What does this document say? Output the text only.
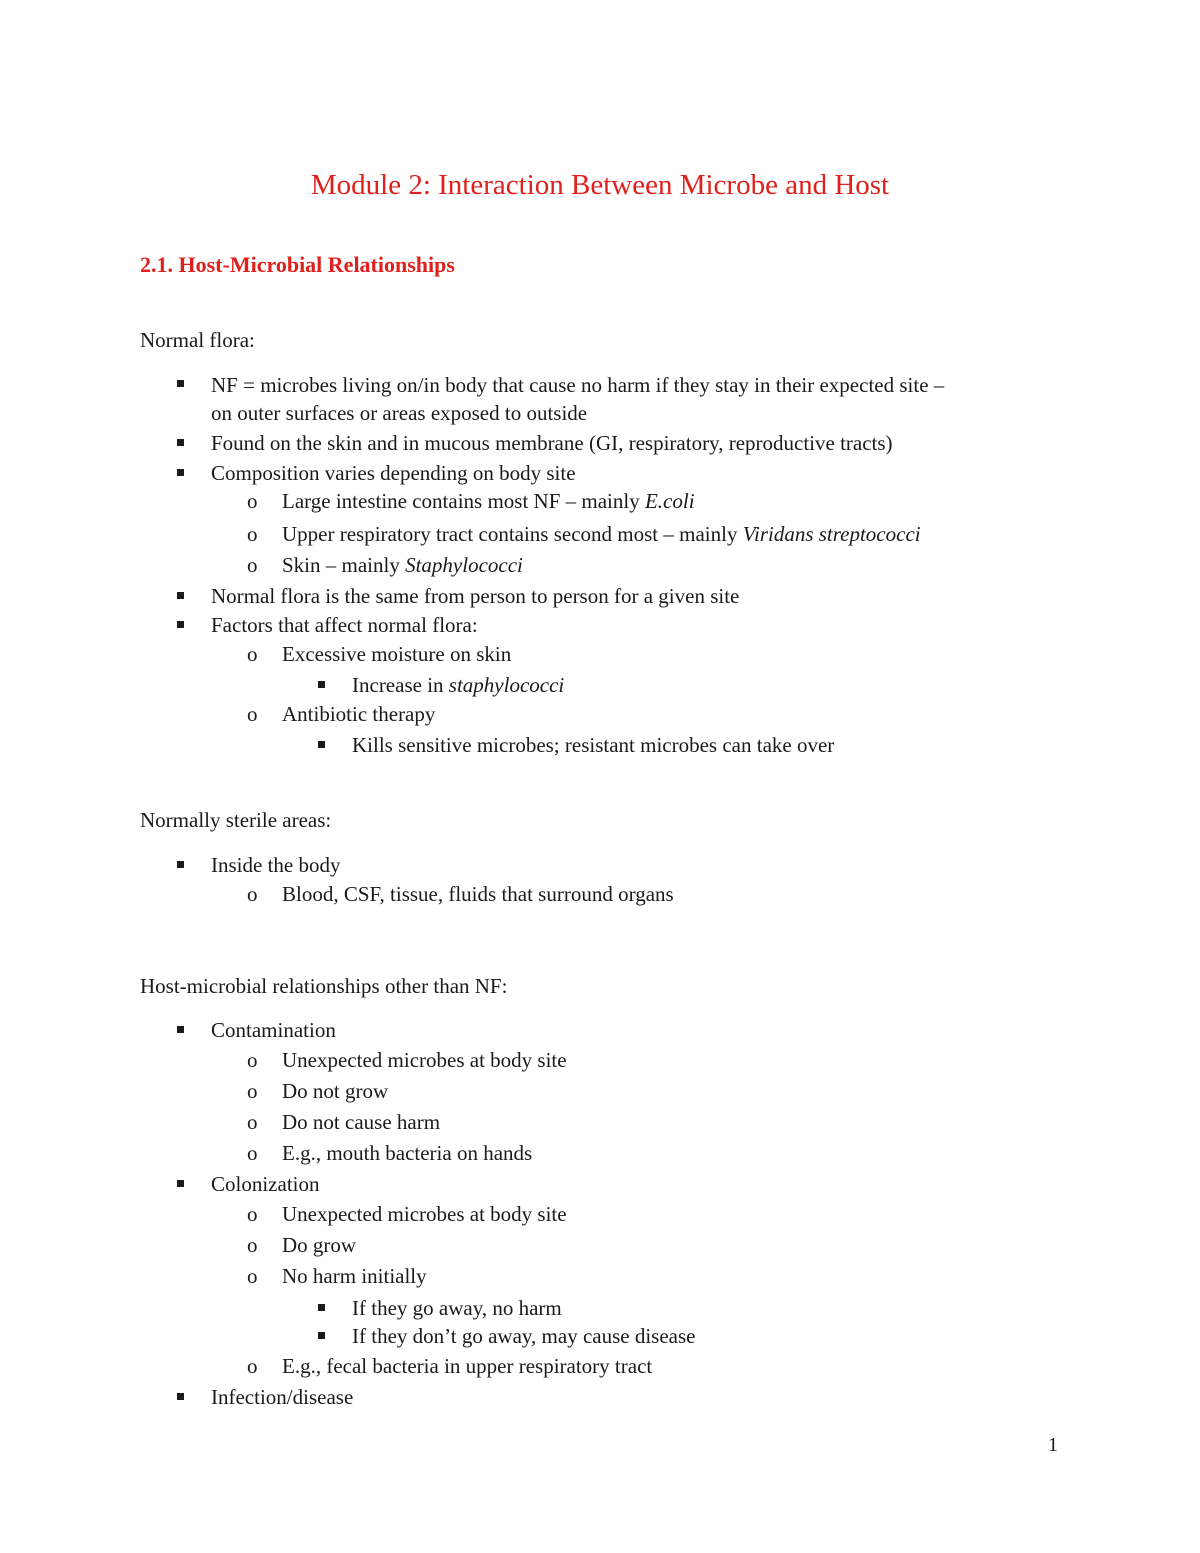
Module 2: Interaction Between Microbe and Host
2.1. Host-Microbial Relationships
Normal flora:
NF = microbes living on/in body that cause no harm if they stay in their expected site –
on outer surfaces or areas exposed to outside
Found on the skin and in mucous membrane (GI, respiratory, reproductive tracts)
Composition varies depending on body site
o Large intestine contains most NF – mainly E.coli
o Upper respiratory tract contains second most – mainly Viridans streptococci
o Skin – mainly Staphylococci
Normal flora is the same from person to person for a given site
Factors that affect normal flora:
o Excessive moisture on skin
Increase in staphylococci
o Antibiotic therapy
Kills sensitive microbes; resistant microbes can take over
Normally sterile areas:
Inside the body
o Blood, CSF, tissue, fluids that surround organs
Host-microbial relationships other than NF:
Contamination
o Unexpected microbes at body site
o Do not grow
o Do not cause harm
o E.g., mouth bacteria on hands
Colonization
o Unexpected microbes at body site
o Do grow
o No harm initially
If they go away, no harm
If they don’t go away, may cause disease
o E.g., fecal bacteria in upper respiratory tract
Infection/disease
1
